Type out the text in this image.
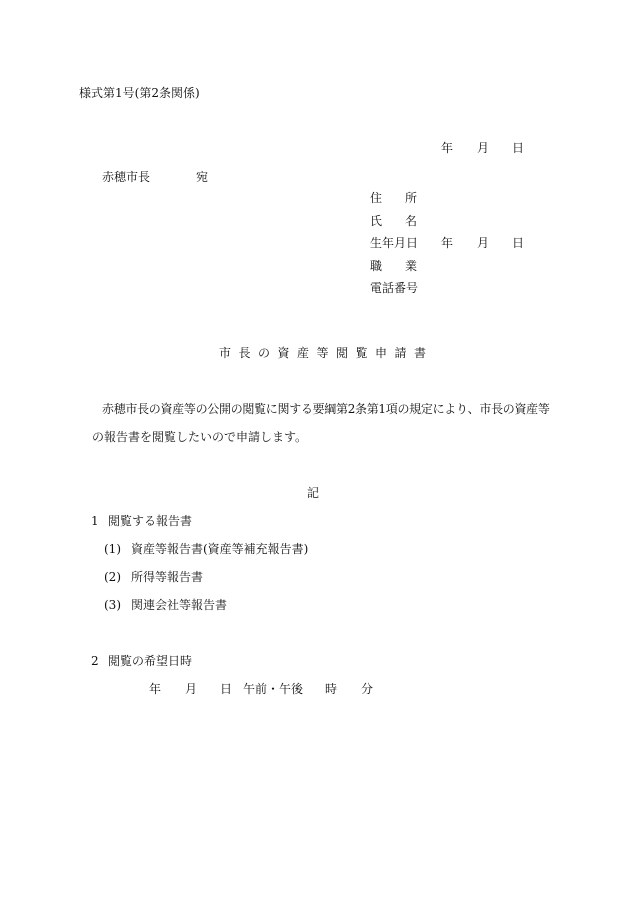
様式第1号(第2条関係)
年 月 日
赤穂市長	宛
住 所
氏 名
生年月日 年 月 日
職 業
電話番号
市長の資産等閲覧申請書
赤穂市長の資産等の公開の閲覧に関する要綱第2条第1項の規定により、市長の資産等
の報告書を閲覧したいので申請します。
記
1 閲覧する報告書
(1) 資産等報告書(資産等補充報告書)
(2) 所得等報告書
(3) 関連会社等報告書
2 閲覧の希望日時
年 月 日 午前・午後 時 分
